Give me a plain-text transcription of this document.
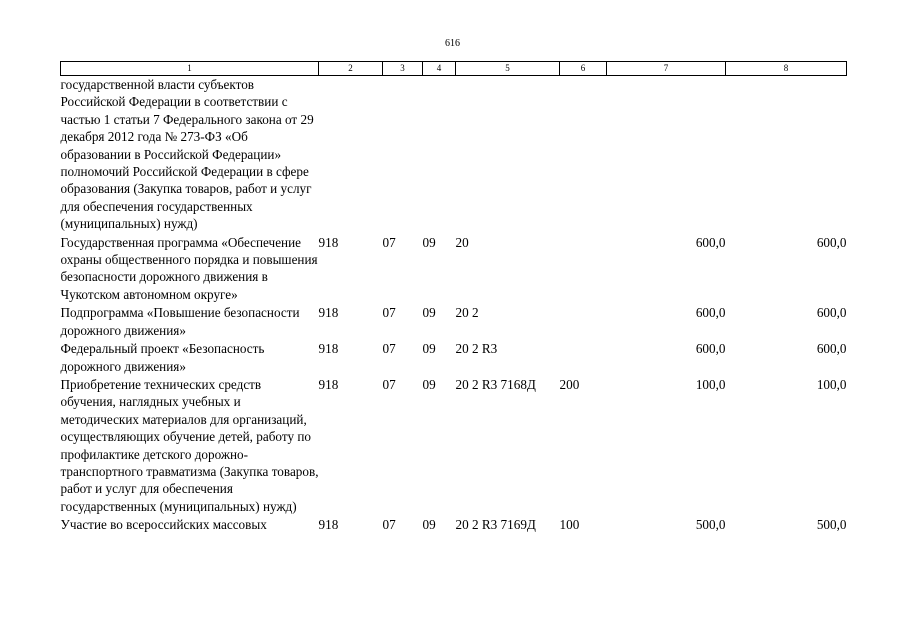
616
1	2	3	4	5	6	7	8
государственной власти субъектов Российской Федерации в соответствии с частью 1 статьи 7 Федерального закона от 29 декабря 2012 года № 273-ФЗ «Об образовании в Российской Федерации» полномочий Российской Федерации в сфере образования (Закупка товаров, работ и услуг для обеспечения государственных (муниципальных) нужд)							
Государственная программа «Обеспечение охраны общественного порядка и повышения безопасности дорожного движения в Чукотском автономном округе»	918	07	09	20		600,0	600,0
Подпрограмма «Повышение безопасности дорожного движения»	918	07	09	20 2		600,0	600,0
Федеральный проект «Безопасность дорожного движения»	918	07	09	20 2 R3		600,0	600,0
Приобретение технических средств обучения, наглядных учебных и методических материалов для организаций, осуществляющих обучение детей, работу по профилактике детского дорожно-транспортного травматизма (Закупка товаров, работ и услуг для обеспечения государственных (муниципальных) нужд)	918	07	09	20 2 R3 7168Д	200	100,0	100,0
Участие во всероссийских массовых	918	07	09	20 2 R3 7169Д	100	500,0	500,0
